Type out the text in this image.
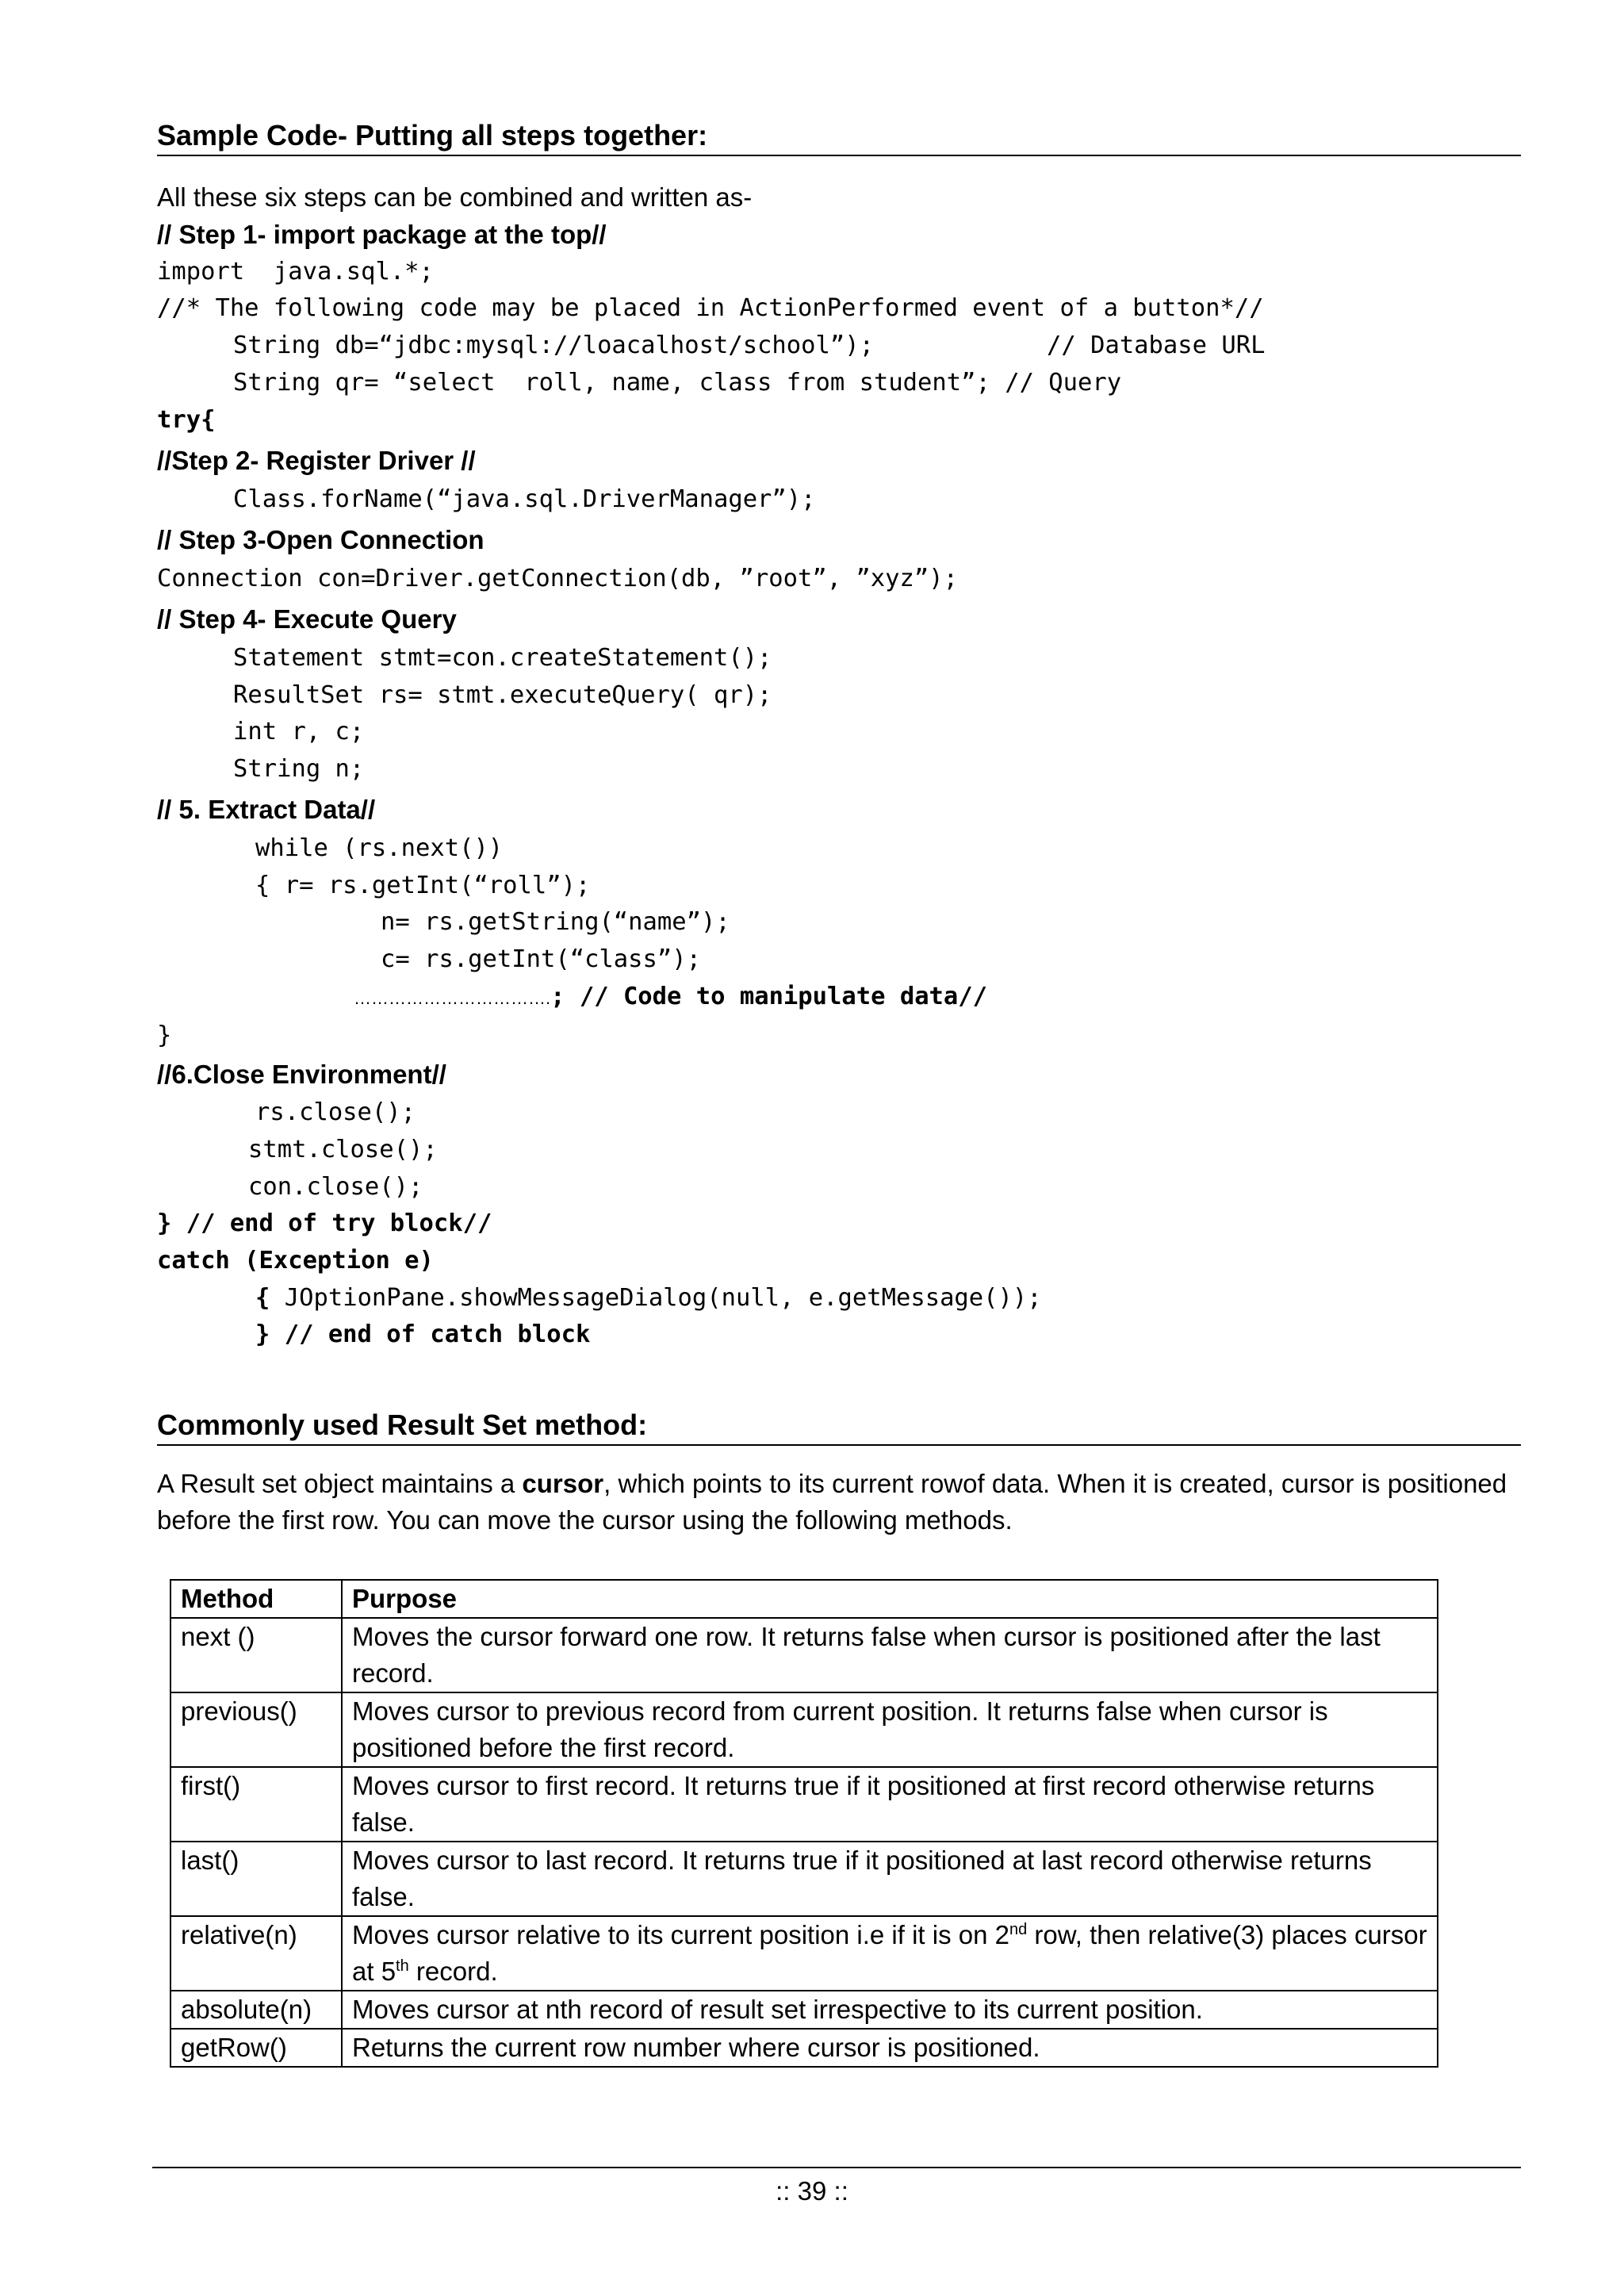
Sample Code- Putting all steps together:
All these six steps can be combined and written as-
// Step 1- import package at the top//
import  java.sql.*;
//* The following code may be placed in ActionPerformed event of a button*//
String db=“jdbc:mysql://loacalhost/school”);	// Database URL
String qr= “select  roll, name, class from student”; // Query
try{
//Step 2- Register Driver //
Class.forName(“java.sql.DriverManager”);
// Step 3-Open Connection
Connection con=Driver.getConnection(db, ”root”, ”xyz”);
// Step 4- Execute Query
Statement stmt=con.createStatement();
ResultSet rs= stmt.executeQuery( qr);
int r, c;
String n;
// 5. Extract Data//
while (rs.next())
{ r= rs.getInt(“roll”);
n= rs.getString(“name”);
c= rs.getInt(“class”);
…………………………….; // Code to manipulate data//
}
//6.Close Environment//
rs.close();
stmt.close();
con.close();
} // end of try block//
catch (Exception e)
{ JOptionPane.showMessageDialog(null, e.getMessage());
} // end of catch block
Commonly used Result Set method:
A Result set object maintains a cursor, which points to its current rowof data. When it is created, cursor is positioned before the first row. You can move the cursor using the following methods.
Method	Purpose
next ()	Moves the cursor forward one row. It returns false when cursor is positioned after the last record.
previous()	Moves cursor to previous record from current position. It returns false when cursor is positioned before the first record.
first()	Moves cursor to first record. It returns true if it positioned at first record otherwise returns false.
last()	Moves cursor to last record. It returns true if it positioned at last record otherwise returns false.
relative(n)	Moves cursor relative to its current position i.e if it is on 2nd row, then relative(3) places cursor at 5th record.
absolute(n)	Moves cursor at nth record of result set irrespective to its current position.
getRow()	Returns the current row number where cursor is positioned.
:: 39 ::
